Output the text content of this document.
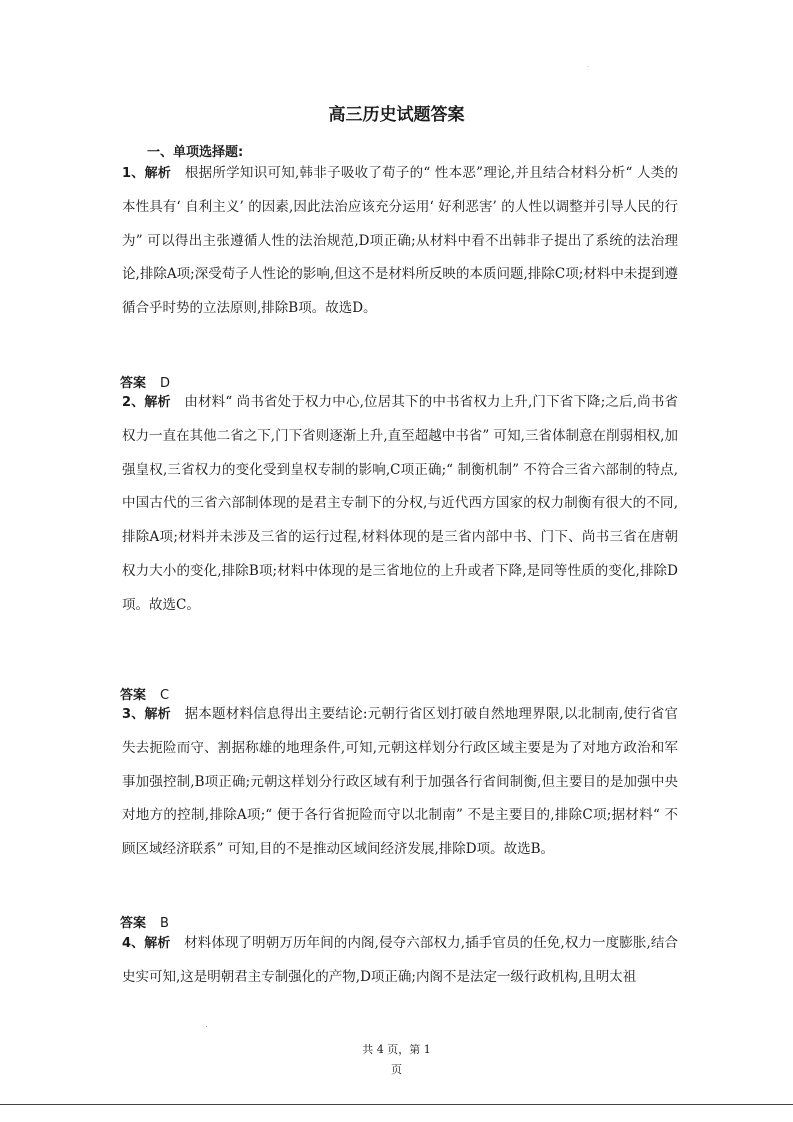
.
高三历史试题答案
一、单项选择题:

1、解析  根据所学知识可知,韩非子吸收了荀子的“ 性本恶”理论,并且结合材料分析“ 人类的本性具有‘ 自利主义’ 的因素,因此法治应该充分运用‘ 好利恶害’ 的人性以调整并引导人民的行为” 可以得出主张遵循人性的法治规范,D项正确;从材料中看不出韩非子提出了系统的法治理论,排除A项;深受荀子人性论的影响,但这不是材料所反映的本质问题,排除C项;材料中未提到遵循合乎时势的立法原则,排除B项。故选D。

答案 D

2、解析  由材料“ 尚书省处于权力中心,位居其下的中书省权力上升,门下省下降;之后,尚书省权力一直在其他二省之下,门下省则逐渐上升,直至超越中书省” 可知,三省体制意在削弱相权,加强皇权,三省权力的变化受到皇权专制的影响,C项正确;“ 制衡机制” 不符合三省六部制的特点,中国古代的三省六部制体现的是君主专制下的分权,与近代西方国家的权力制衡有很大的不同,排除A项;材料并未涉及三省的运行过程,材料体现的是三省内部中书、门下、尚书三省在唐朝权力大小的变化,排除B项;材料中体现的是三省地位的上升或者下降,是同等性质的变化,排除D项。故选C。

答案 C

3、解析  据本题材料信息得出主要结论:元朝行省区划打破自然地理界限,以北制南,使行省官失去扼险而守、割据称雄的地理条件,可知,元朝这样划分行政区域主要是为了对地方政治和军事加强控制,B项正确;元朝这样划分行政区域有利于加强各行省间制衡,但主要目的是加强中央对地方的控制,排除A项;“ 便于各行省扼险而守以北制南” 不是主要目的,排除C项;据材料“ 不顾区域经济联系” 可知,目的不是推动区域间经济发展,排除D项。故选B。

答案 B

4、解析  材料体现了明朝万历年间的内阁,侵夺六部权力,插手官员的任免,权力一度膨胀,结合史实可知,这是明朝君主专制强化的产物,D项正确;内阁不是法定一级行政机构,且明太祖

共 4 页，第 1
页
